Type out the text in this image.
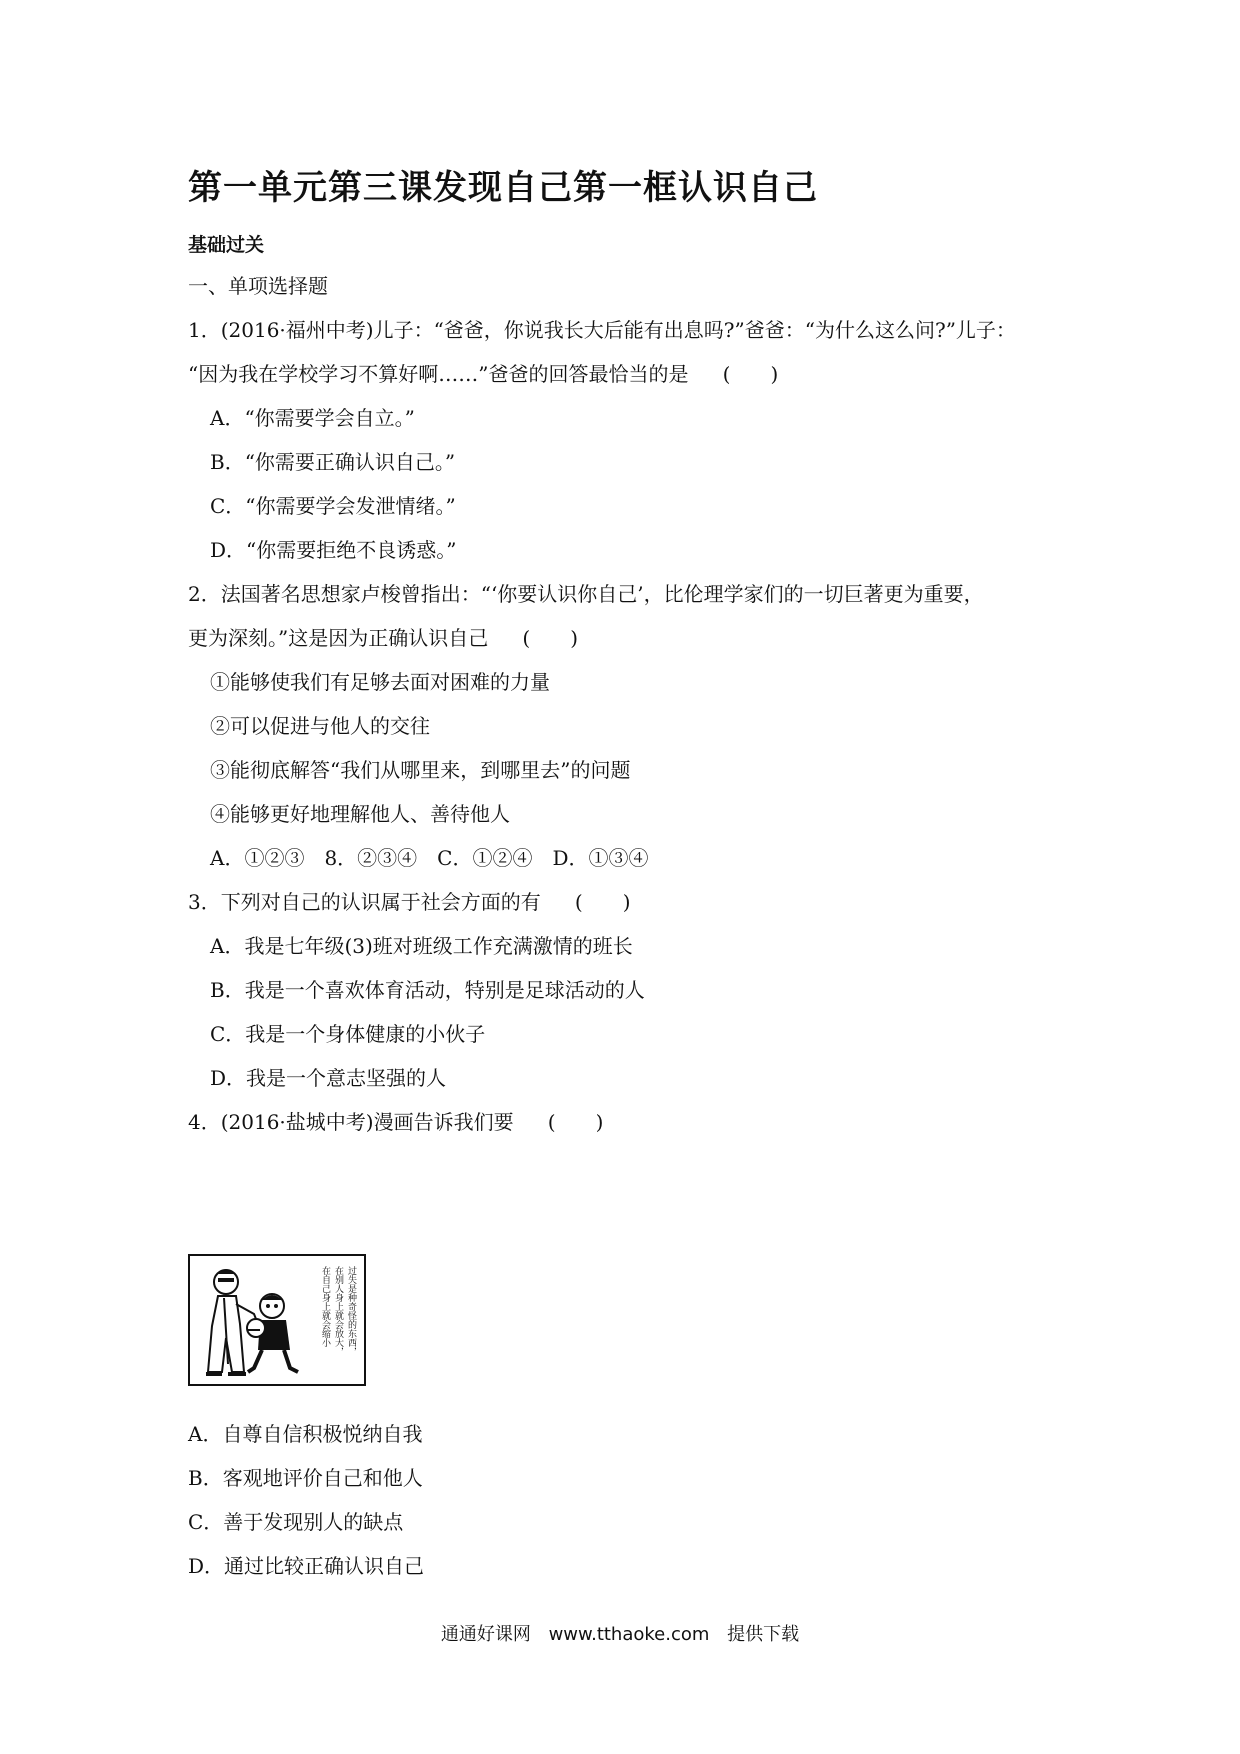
第一单元第三课发现自己第一框认识自己
基础过关
一、单项选择题
1．(2016·福州中考)儿子：“爸爸，你说我长大后能有出息吗?”爸爸：“为什么这么问?”儿子：
“因为我在学校学习不算好啊……”爸爸的回答最恰当的是 (　　)
A．“你需要学会自立。”
B．“你需要正确认识自己。”
C．“你需要学会发泄情绪。”
D．“你需要拒绝不良诱惑。”
2．法国著名思想家卢梭曾指出：“‘你要认识你自己’，比伦理学家们的一切巨著更为重要，
更为深刻。”这是因为正确认识自己 (　　)
①能够使我们有足够去面对困难的力量
②可以促进与他人的交往
③能彻底解答“我们从哪里来，到哪里去”的问题
④能够更好地理解他人、善待他人
A．①②③　8．②③④　C．①②④　D．①③④
3．下列对自己的认识属于社会方面的有 (　　)
A．我是七年级(3)班对班级工作充满激情的班长
B．我是一个喜欢体育活动，特别是足球活动的人
C．我是一个身体健康的小伙子
D．我是一个意志坚强的人
4．(2016·盐城中考)漫画告诉我们要 (　　)
过失是种奇怪的东西，
在别人身上就会放大，
在自己身上就会缩小
A．自尊自信积极悦纳自我
B．客观地评价自己和他人
C．善于发现别人的缺点
D．通过比较正确认识自己
通通好课网 www.tthaoke.com 提供下载
